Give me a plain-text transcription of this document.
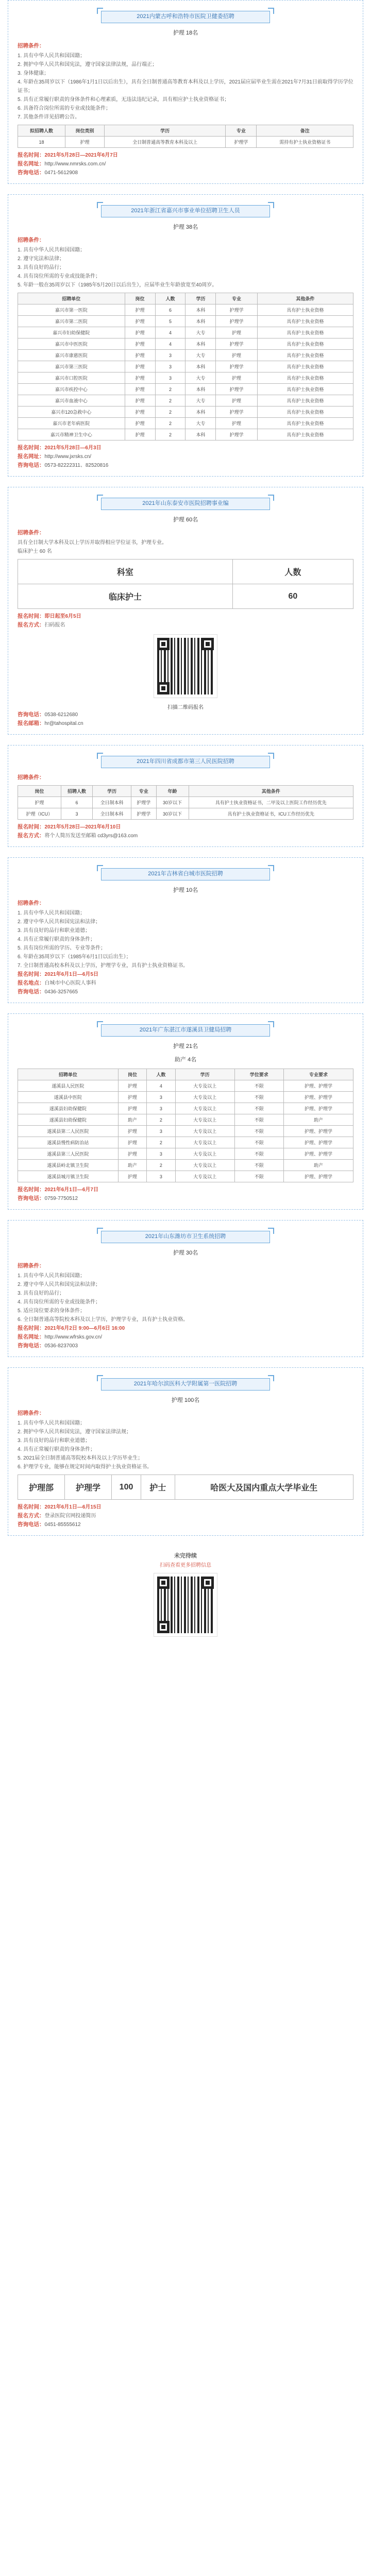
2021内蒙古呼和浩特市医院卫健委招聘
护理 18名
招聘条件：

1. 具有中华人民共和国国籍；

2. 拥护中华人民共和国宪法，遵守国家法律法规，品行端正；

3. 身体健康；

4. 年龄在35周岁以下（1986年1月1日以后出生），具有全日制普通高等教育本科及以上学历，2021届应届毕业生需在2021年7月31日前取得学历学位证书；

5. 具有正常履行职责的身体条件和心理素质，无违法违纪记录，具有相应护士执业资格证书；

6. 具备符合岗位所需的专业或技能条件；

7. 其他条件详见招聘公告。

拟招聘人数	岗位类别	学历	专业	备注
18	护理	全日制普通高等教育本科及以上	护理学	需持有护士执业资格证书

报名时间：2021年5月28日—2021年6月7日

报名网址：http://www.nmrsks.com.cn/

咨询电话：0471-5612908

2021年浙江省嘉兴市事业单位招聘卫生人员
护理 38名
招聘条件：

1. 具有中华人民共和国国籍；

2. 遵守宪法和法律；

3. 具有良好的品行；

4. 具有岗位所需的专业或技能条件；

5. 年龄一般在35周岁以下（1985年5月20日以后出生），应届毕业生年龄放宽至40周岁。

招聘单位	岗位	人数	学历	专业	其他条件
嘉兴市第一医院	护理	6	本科	护理学	具有护士执业资格
嘉兴市第二医院	护理	5	本科	护理学	具有护士执业资格
嘉兴市妇幼保健院	护理	4	大专	护理	具有护士执业资格
嘉兴市中医医院	护理	4	本科	护理学	具有护士执业资格
嘉兴市康慈医院	护理	3	大专	护理	具有护士执业资格
嘉兴市第三医院	护理	3	本科	护理学	具有护士执业资格
嘉兴市口腔医院	护理	3	大专	护理	具有护士执业资格
嘉兴市疾控中心	护理	2	本科	护理学	具有护士执业资格
嘉兴市血液中心	护理	2	大专	护理	具有护士执业资格
嘉兴市120急救中心	护理	2	本科	护理学	具有护士执业资格
嘉兴市老年病医院	护理	2	大专	护理	具有护士执业资格
嘉兴市精神卫生中心	护理	2	本科	护理学	具有护士执业资格

报名时间：2021年5月28日—6月3日

报名网址：http://www.jxrsks.cn/

咨询电话：0573-82222311、82520816

2021年山东泰安市医院招聘事业编
护理 60名
招聘条件：

具有全日制大学本科及以上学历并取得相应学位证书，护理专业。

临床护士 60 名

科室	人数
临床护士	60

报名时间：即日起至6月5日

报名方式：扫码报名

扫描二维码报名

咨询电话：0538-6212680

报名邮箱：hr@tahospital.cn

2021年四川省成都市第三人民医院招聘
招聘条件：
岗位	招聘人数	学历	专业	年龄	其他条件
护理	6	全日制本科	护理学	30岁以下	具有护士执业资格证书，二甲及以上医院工作经历优先
护理（ICU）	3	全日制本科	护理学	30岁以下	具有护士执业资格证书，ICU工作经历优先

报名时间：2021年5月28日—2021年6月10日

报名方式：将个人简历发送至邮箱 cd3yrs@163.com

2021年吉林省白城市医院招聘
护理 10名
招聘条件：

1. 具有中华人民共和国国籍；

2. 遵守中华人民共和国宪法和法律；

3. 具有良好的品行和职业道德；

4. 具有正常履行职责的身体条件；

5. 具有岗位所需的学历、专业等条件；

6. 年龄在35周岁以下（1985年6月1日以后出生）；

7. 全日制普通高校本科及以上学历，护理学专业，具有护士执业资格证书。

报名时间：2021年6月1日—6月5日

报名地点：白城市中心医院人事科

咨询电话：0436-3257665

2021年广东湛江市遂溪县卫健局招聘
护理 21名
助产 4名
招聘单位	岗位	人数	学历	学位要求	专业要求
遂溪县人民医院	护理	4	大专及以上	不限	护理、护理学
遂溪县中医院	护理	3	大专及以上	不限	护理、护理学
遂溪县妇幼保健院	护理	3	大专及以上	不限	护理、护理学
遂溪县妇幼保健院	助产	2	大专及以上	不限	助产
遂溪县第二人民医院	护理	3	大专及以上	不限	护理、护理学
遂溪县慢性病防治站	护理	2	大专及以上	不限	护理、护理学
遂溪县第三人民医院	护理	3	大专及以上	不限	护理、护理学
遂溪县岭北镇卫生院	助产	2	大专及以上	不限	助产
遂溪县城月镇卫生院	护理	3	大专及以上	不限	护理、护理学

报名时间：2021年6月1日—6月7日

咨询电话：0759-7750512

2021年山东潍坊市卫生系统招聘
护理 30名
招聘条件：

1. 具有中华人民共和国国籍；

2. 遵守中华人民共和国宪法和法律；

3. 具有良好的品行；

4. 具有岗位所需的专业或技能条件；

5. 适应岗位要求的身体条件；

6. 全日制普通高等院校本科及以上学历，护理学专业，具有护士执业资格。

报名时间：2021年6月2日 9:00—6月6日 16:00

报名网址：http://www.wfrsks.gov.cn/

咨询电话：0536-8237003

2021年哈尔滨医科大学附属第一医院招聘
护理 100名
招聘条件：

1. 具有中华人民共和国国籍；

2. 拥护中华人民共和国宪法，遵守国家法律法规；

3. 具有良好的品行和职业道德；

4. 具有正常履行职责的身体条件；

5. 2021届全日制普通高等院校本科及以上学历毕业生；

6. 护理学专业，能够在规定时间内取得护士执业资格证书。

护理部	护理学	100	护士	哈医大及国内重点大学毕业生

报名时间：2021年6月1日—6月15日

报名方式：登录医院官网投递简历

咨询电话：0451-85555612

未完待续
扫码查看更多招聘信息
